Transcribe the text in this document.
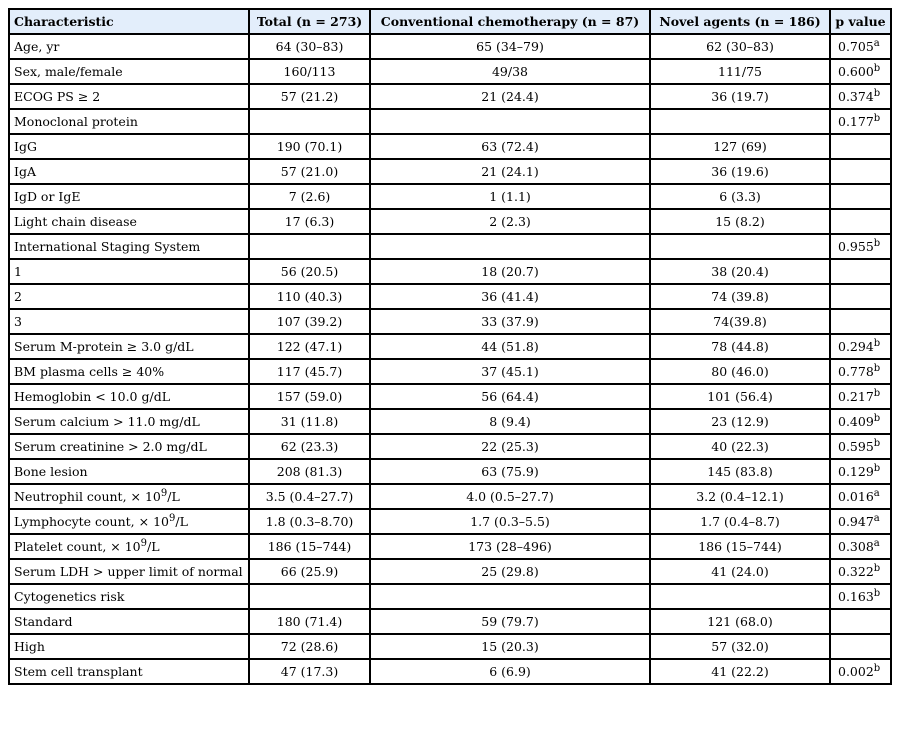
Characteristic	Total (n = 273)	Conventional chemotherapy (n = 87)	Novel agents (n = 186)	p value
Age, yr	64 (30–83)	65 (34–79)	62 (30–83)	0.705$^a$
Sex, male/female	160/113	49/38	111/75	0.600$^b$
ECOG PS ≥ 2	57 (21.2)	21 (24.4)	36 (19.7)	0.374$^b$
Monoclonal protein				0.177$^b$
IgG	190 (70.1)	63 (72.4)	127 (69)	
IgA	57 (21.0)	21 (24.1)	36 (19.6)	
IgD or IgE	7 (2.6)	1 (1.1)	6 (3.3)	
Light chain disease	17 (6.3)	2 (2.3)	15 (8.2)	
International Staging System				0.955$^b$
1	56 (20.5)	18 (20.7)	38 (20.4)	
2	110 (40.3)	36 (41.4)	74 (39.8)	
3	107 (39.2)	33 (37.9)	74(39.8)	
Serum M-protein ≥ 3.0 g/dL	122 (47.1)	44 (51.8)	78 (44.8)	0.294$^b$
BM plasma cells ≥ 40%	117 (45.7)	37 (45.1)	80 (46.0)	0.778$^b$
Hemoglobin < 10.0 g/dL	157 (59.0)	56 (64.4)	101 (56.4)	0.217$^b$
Serum calcium > 11.0 mg/dL	31 (11.8)	8 (9.4)	23 (12.9)	0.409$^b$
Serum creatinine > 2.0 mg/dL	62 (23.3)	22 (25.3)	40 (22.3)	0.595$^b$
Bone lesion	208 (81.3)	63 (75.9)	145 (83.8)	0.129$^b$
Neutrophil count, × $10^9/L$	3.5 (0.4–27.7)	4.0 (0.5–27.7)	3.2 (0.4–12.1)	0.016$^a$
Lymphocyte count, × $10^9/L$	1.8 (0.3–8.70)	1.7 (0.3–5.5)	1.7 (0.4–8.7)	0.947$^a$
Platelet count, × $10^9/L$	186 (15–744)	173 (28–496)	186 (15–744)	0.308$^a$
Serum LDH > upper limit of normal	66 (25.9)	25 (29.8)	41 (24.0)	0.322$^b$
Cytogenetics risk				0.163$^b$
Standard	180 (71.4)	59 (79.7)	121 (68.0)	
High	72 (28.6)	15 (20.3)	57 (32.0)	
Stem cell transplant	47 (17.3)	6 (6.9)	41 (22.2)	0.002$^b$
